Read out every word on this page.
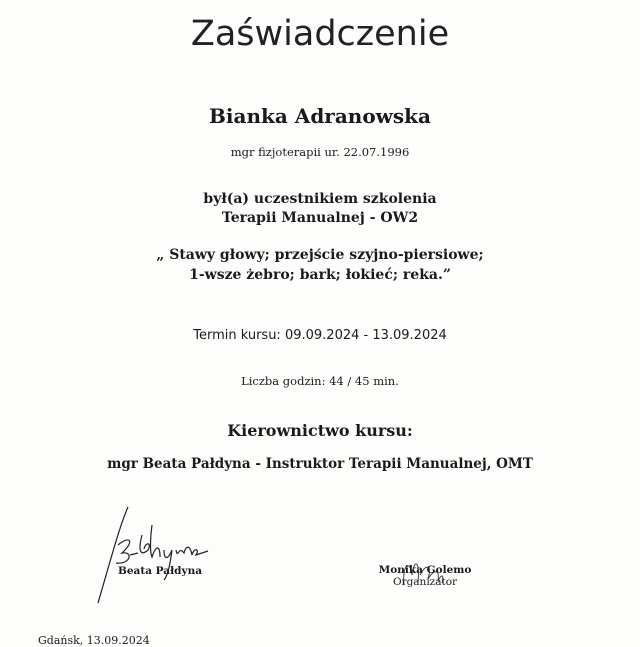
Zaświadczenie
Bianka Adranowska
mgr fizjoterapii ur. 22.07.1996
był(a) uczestnikiem szkolenia
Terapii Manualnej - OW2
„ Stawy głowy; przejście szyjno-piersiowe;
1-wsze żebro; bark; łokieć; reka.”
Termin kursu: 09.09.2024 - 13.09.2024
Liczba godzin: 44 / 45 min.
Kierownictwo kursu:
mgr Beata Pałdyna - Instruktor Terapii Manualnej, OMT
Beata Pałdyna	Monika Golemo
Organizator
Gdańsk, 13.09.2024
